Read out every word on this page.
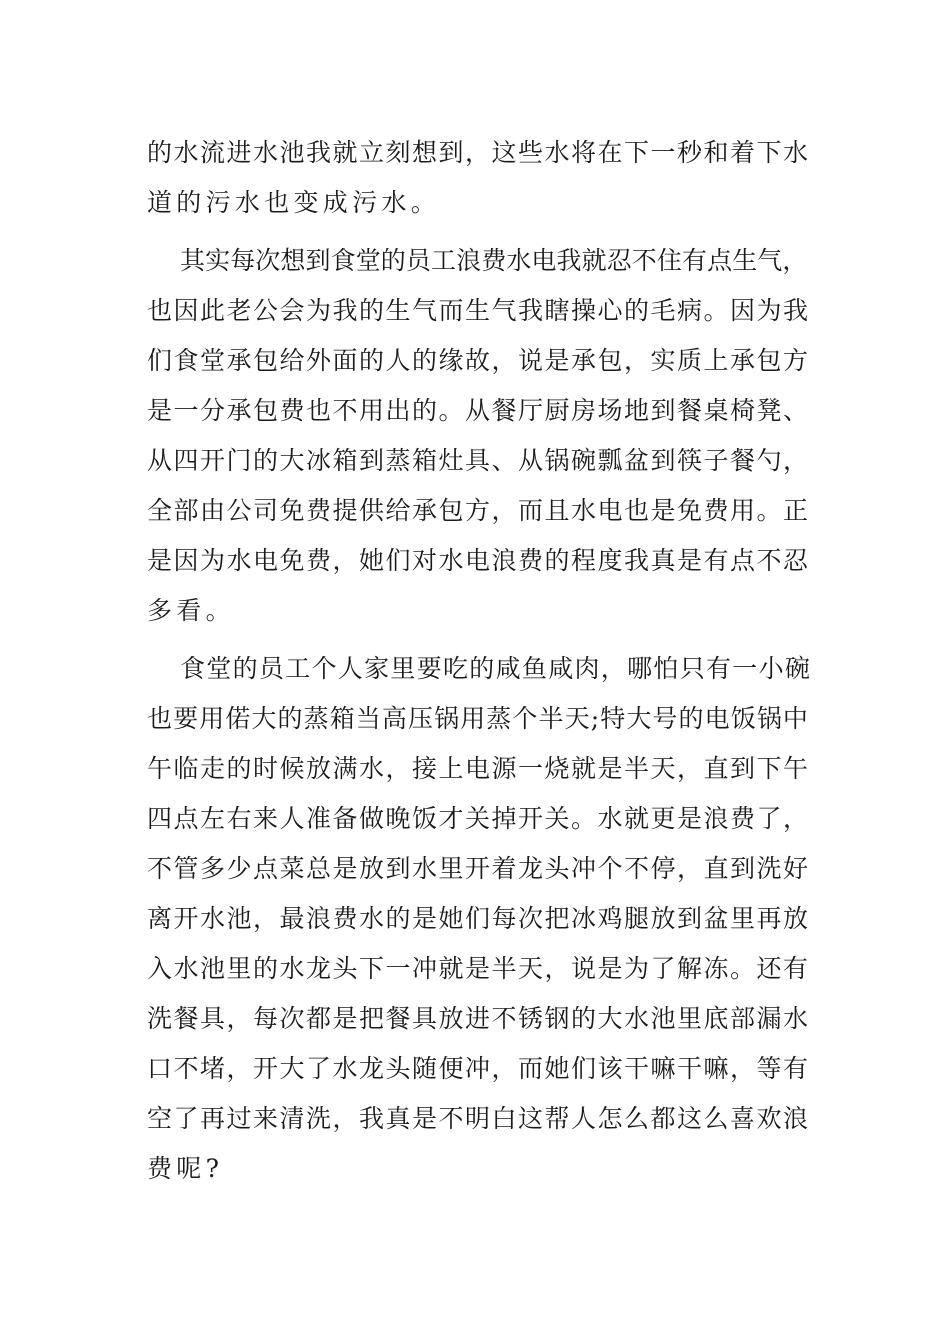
的水流进水池我就立刻想到，这些水将在下一秒和着下水
道的污水也变成污水。
其实每次想到食堂的员工浪费水电我就忍不住有点生气，
也因此老公会为我的生气而生气我瞎操心的毛病。因为我
们食堂承包给外面的人的缘故，说是承包，实质上承包方
是一分承包费也不用出的。从餐厅厨房场地到餐桌椅凳、
从四开门的大冰箱到蒸箱灶具、从锅碗瓢盆到筷子餐勺，
全部由公司免费提供给承包方，而且水电也是免费用。正
是因为水电免费，她们对水电浪费的程度我真是有点不忍
多看。
食堂的员工个人家里要吃的咸鱼咸肉，哪怕只有一小碗
也要用偌大的蒸箱当高压锅用蒸个半天;特大号的电饭锅中
午临走的时候放满水，接上电源一烧就是半天，直到下午
四点左右来人准备做晚饭才关掉开关。水就更是浪费了，
不管多少点菜总是放到水里开着龙头冲个不停，直到洗好
离开水池，最浪费水的是她们每次把冰鸡腿放到盆里再放
入水池里的水龙头下一冲就是半天，说是为了解冻。还有
洗餐具，每次都是把餐具放进不锈钢的大水池里底部漏水
口不堵，开大了水龙头随便冲，而她们该干嘛干嘛，等有
空了再过来清洗，我真是不明白这帮人怎么都这么喜欢浪
费呢?
